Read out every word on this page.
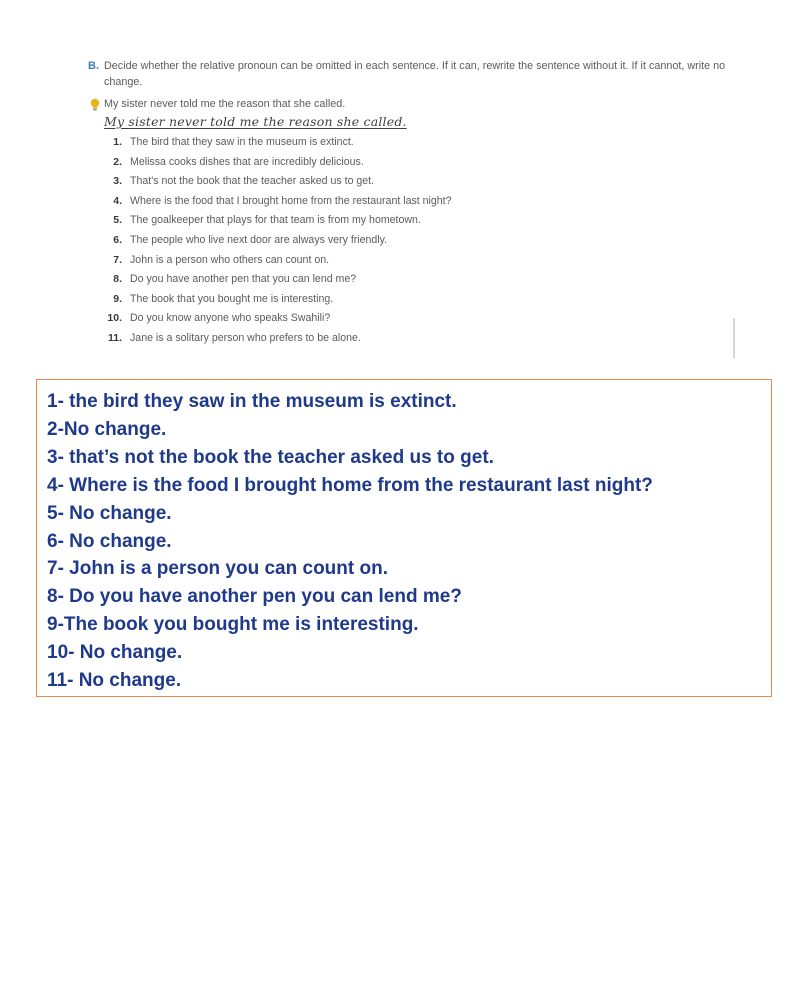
B. Decide whether the relative pronoun can be omitted in each sentence. If it can, rewrite the sentence without it. If it cannot, write no change.
My sister never told me the reason that she called.
My sister never told me the reason she called.
1. The bird that they saw in the museum is extinct.
2. Melissa cooks dishes that are incredibly delicious.
3. That's not the book that the teacher asked us to get.
4. Where is the food that I brought home from the restaurant last night?
5. The goalkeeper that plays for that team is from my hometown.
6. The people who live next door are always very friendly.
7. John is a person who others can count on.
8. Do you have another pen that you can lend me?
9. The book that you bought me is interesting.
10. Do you know anyone who speaks Swahili?
11. Jane is a solitary person who prefers to be alone.
1- the bird they saw in the museum is extinct.
2-No change.
3- that’s not the book the teacher asked us to get.
4- Where is the food I brought home from the restaurant last night?
5- No change.
6- No change.
7- John is a person you can count on.
8- Do you have another pen you can lend me?
9-The book you bought me is interesting.
10- No change.
11- No change.
